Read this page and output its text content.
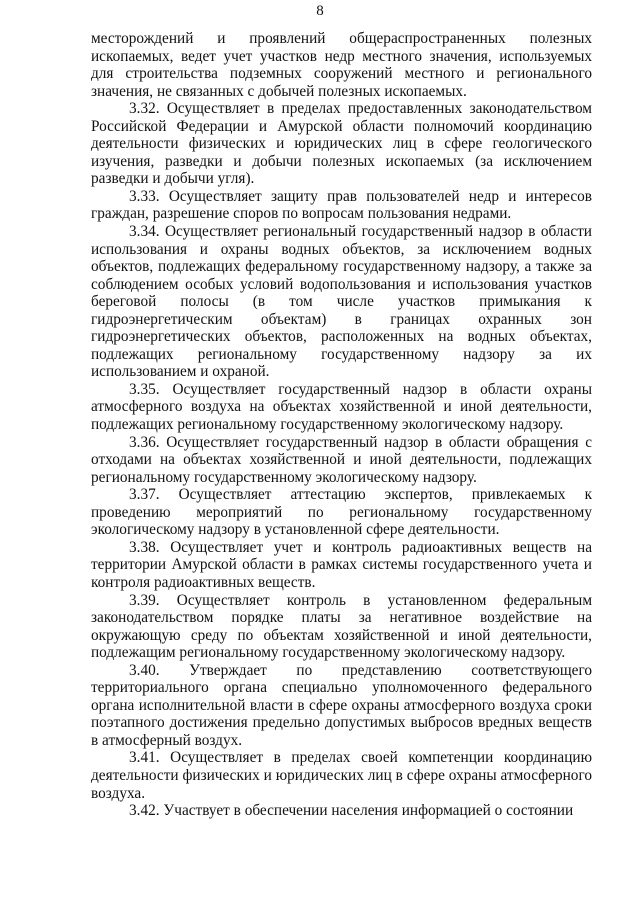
8

месторождений и проявлений общераспространенных полезных ископаемых, ведет учет участков недр местного значения, используемых для строительства подземных сооружений местного и регионального значения, не связанных с добычей полезных ископаемых.

3.32. Осуществляет в пределах предоставленных законодательством Российской Федерации и Амурской области полномочий координацию деятельности физических и юридических лиц в сфере геологического изучения, разведки и добычи полезных ископаемых (за исключением разведки и добычи угля).

3.33. Осуществляет защиту прав пользователей недр и интересов граждан, разрешение споров по вопросам пользования недрами.

3.34. Осуществляет региональный государственный надзор в области использования и охраны водных объектов, за исключением водных объектов, подлежащих федеральному государственному надзору, а также за соблюдением особых условий водопользования и использования участков береговой полосы (в том числе участков примыкания к гидроэнергетическим объектам) в границах охранных зон гидроэнергетических объектов, расположенных на водных объектах, подлежащих региональному государственному надзору за их использованием и охраной.

3.35. Осуществляет государственный надзор в области охраны атмосферного воздуха на объектах хозяйственной и иной деятельности, подлежащих региональному государственному экологическому надзору.

3.36. Осуществляет государственный надзор в области обращения с отходами на объектах хозяйственной и иной деятельности, подлежащих региональному государственному экологическому надзору.

3.37. Осуществляет аттестацию экспертов, привлекаемых к проведению мероприятий по региональному государственному экологическому надзору в установленной сфере деятельности.

3.38. Осуществляет учет и контроль радиоактивных веществ на территории Амурской области в рамках системы государственного учета и контроля радиоактивных веществ.

3.39. Осуществляет контроль в установленном федеральным законодательством порядке платы за негативное воздействие на окружающую среду по объектам хозяйственной и иной деятельности, подлежащим региональному государственному экологическому надзору.

3.40. Утверждает по представлению соответствующего территориального органа специально уполномоченного федерального органа исполнительной власти в сфере охраны атмосферного воздуха сроки поэтапного достижения предельно допустимых выбросов вредных веществ в атмосферный воздух.

3.41. Осуществляет в пределах своей компетенции координацию деятельности физических и юридических лиц в сфере охраны атмосферного воздуха.

3.42. Участвует в обеспечении населения информацией о состоянии
